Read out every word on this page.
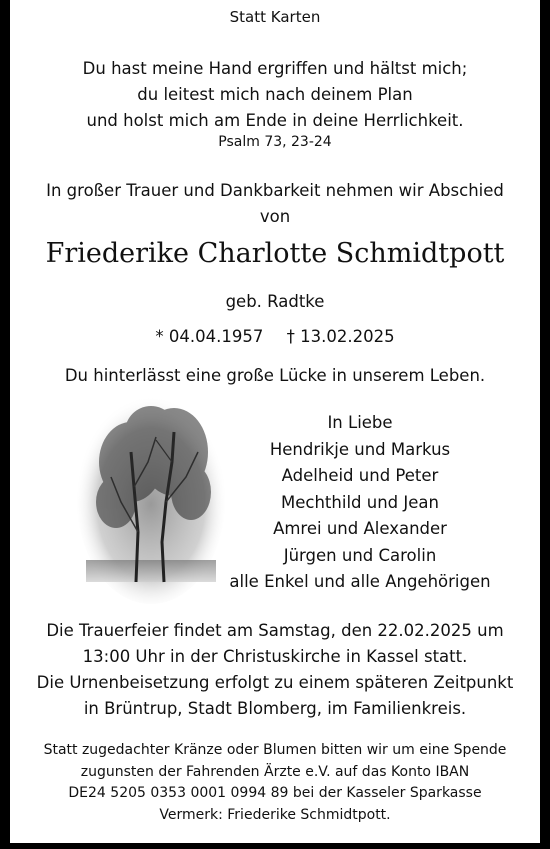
Statt Karten
Du hast meine Hand ergriffen und hältst mich;
du leitest mich nach deinem Plan
und holst mich am Ende in deine Herrlichkeit.
Psalm 73, 23-24
In großer Trauer und Dankbarkeit nehmen wir Abschied
von
Friederike Charlotte Schmidtpott
geb. Radtke
* 04.04.1957 † 13.02.2025
Du hinterlässt eine große Lücke in unserem Leben.
In Liebe
Hendrikje und Markus
Adelheid und Peter
Mechthild und Jean
Amrei und Alexander
Jürgen und Carolin
alle Enkel und alle Angehörigen
Die Trauerfeier findet am Samstag, den 22.02.2025 um
13:00 Uhr in der Christuskirche in Kassel statt.
Die Urnenbeisetzung erfolgt zu einem späteren Zeitpunkt
in Brüntrup, Stadt Blomberg, im Familienkreis.
Statt zugedachter Kränze oder Blumen bitten wir um eine Spende
zugunsten der Fahrenden Ärzte e.V. auf das Konto IBAN
DE24 5205 0353 0001 0994 89 bei der Kasseler Sparkasse
Vermerk: Friederike Schmidtpott.
